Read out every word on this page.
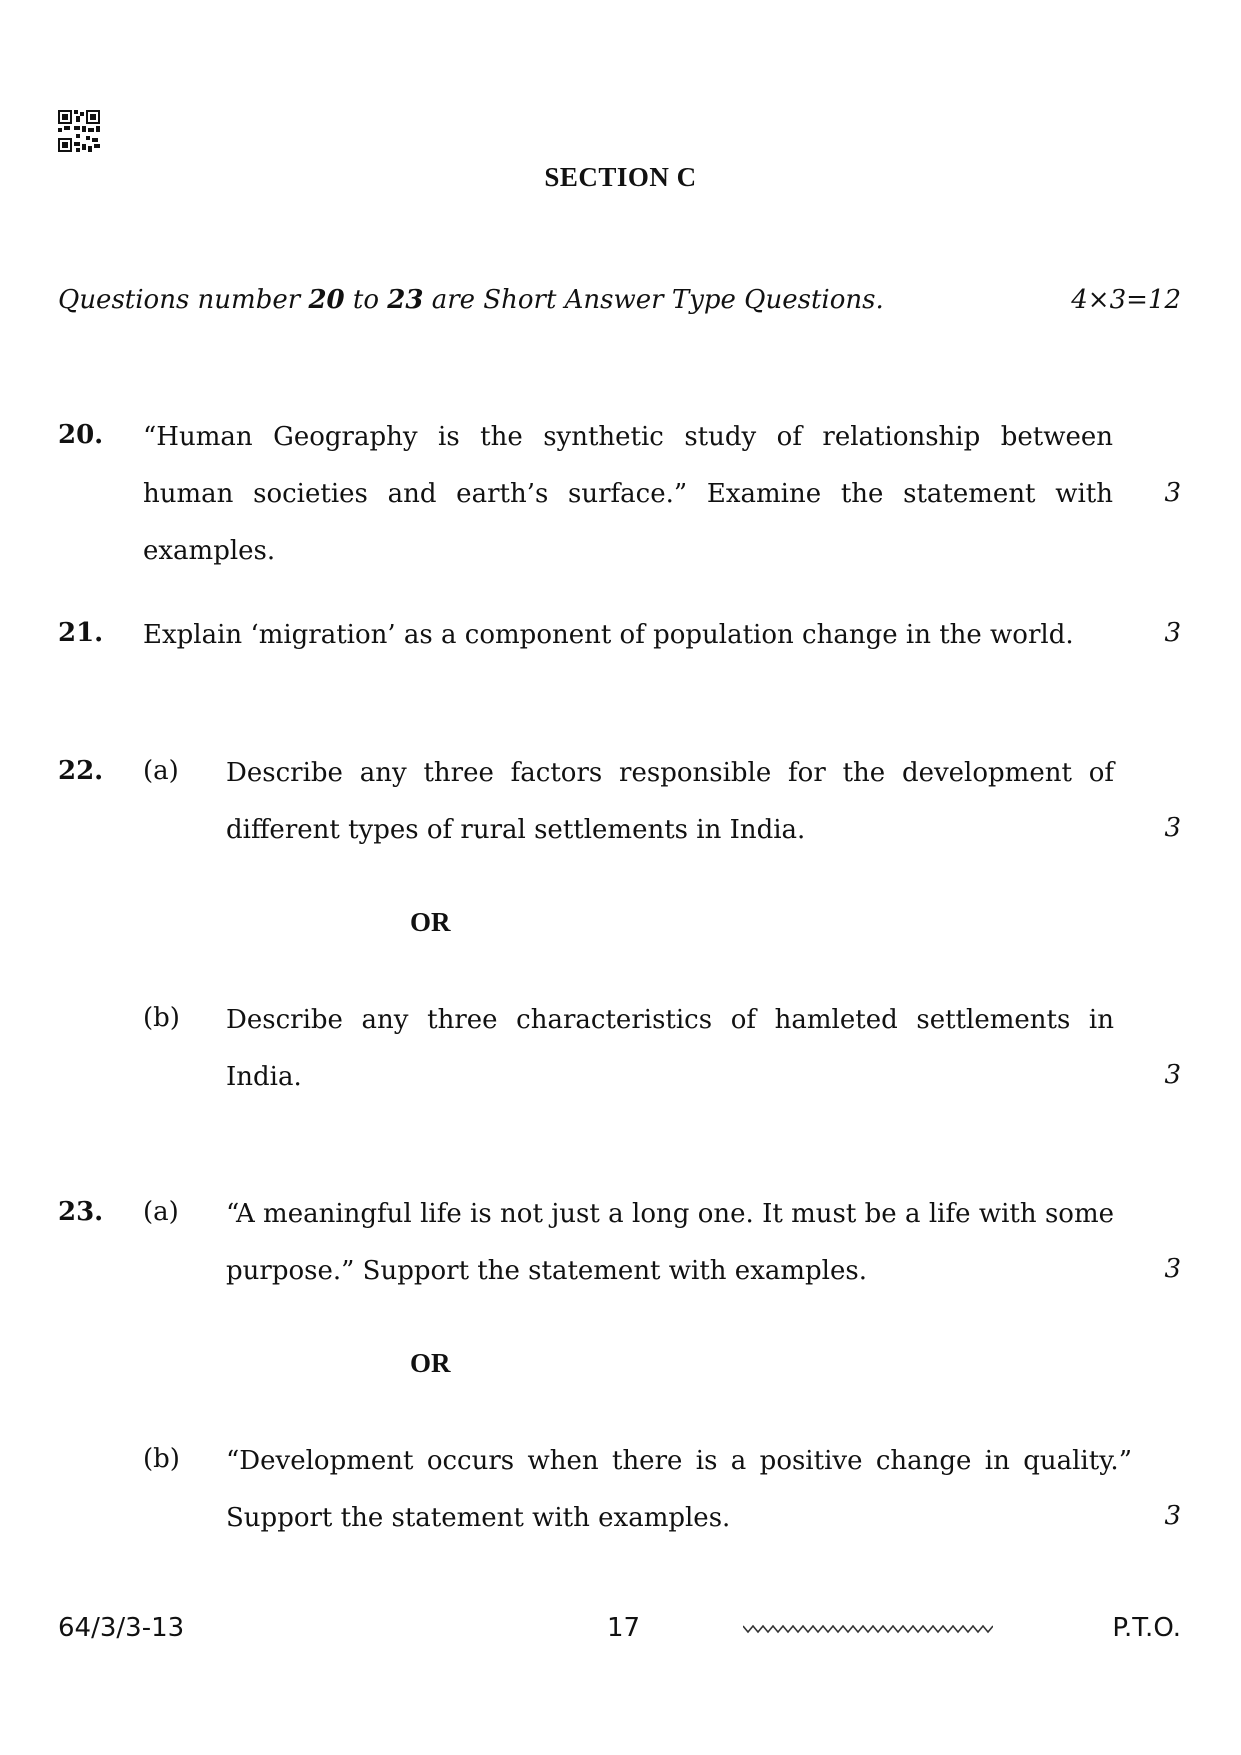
SECTION C
Questions number 20 to 23 are Short Answer Type Questions.	4×3=12
20. “Human Geography is the synthetic study of relationship between human societies and earth’s surface.” Examine the statement with examples.
3
21. Explain ‘migration’ as a component of population change in the world.	3
22. (a) Describe any three factors responsible for the development of different types of rural settlements in India.	3
OR
(b) Describe any three characteristics of hamleted settlements in India.	3
23. (a) “A meaningful life is not just a long one. It must be a life with some purpose.” Support the statement with examples.	3
OR
(b) “Development occurs when there is a positive change in quality.” Support the statement with examples.	3
64/3/3-13	17	P.T.O.
